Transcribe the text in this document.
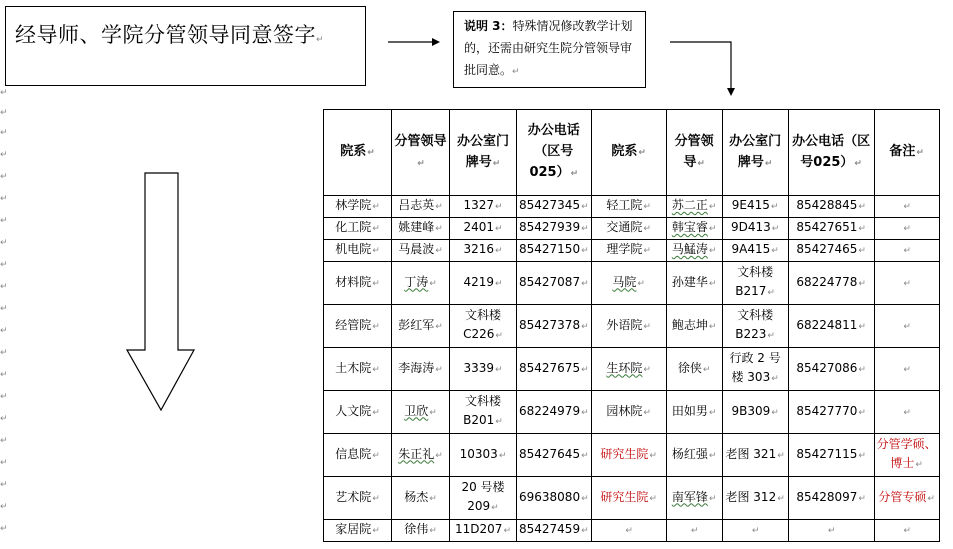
经导师、学院分管领导同意签字↵
说明 3：特殊情况修改教学计划的，还需由研究生院分管领导审批同意。↵
↵
↵
↵
↵
↵
↵
↵
↵
↵
↵
↵
↵
↵
↵
↵
↵
↵
↵
↵
↵
↵
院系↵	分管领导↵	办公室门牌号↵	办公电话（区号025）↵	院系↵	分管领导↵	办公室门牌号↵	办公电话（区号025）↵	备注↵
林学院↵	吕志英↵	1327↵	85427345↵	轻工院↵	苏二正↵	9E415↵	85428845↵	↵
化工院↵	姚建峰↵	2401↵	85427939↵	交通院↵	韩宝睿↵	9D413↵	85427651↵	↵
机电院↵	马晨波↵	3216↵	85427150↵	理学院↵	马鯭涛↵	9A415↵	85427465↵	↵
材料院↵	丁涛↵	4219↵	85427087↵	马院↵	孙建华↵	文科楼B217↵	68224778↵	↵
经管院↵	彭红军↵	文科楼C226↵	85427378↵	外语院↵	鲍志坤↵	文科楼B223↵	68224811↵	↵
土木院↵	李海涛↵	3339↵	85427675↵	生环院↵	徐侠↵	行政 2 号楼 303↵	85427086↵	↵
人文院↵	卫欣↵	文科楼B201↵	68224979↵	园林院↵	田如男↵	9B309↵	85427770↵	↵
信息院↵	朱正礼↵	10303↵	85427645↵	研究生院↵	杨红强↵	老图 321↵	85427115↵	分管学硕、博士↵
艺术院↵	杨杰↵	20 号楼209↵	69638080↵	研究生院↵	南军锋↵	老图 312↵	85428097↵	分管专硕↵
家居院↵	徐伟↵	11D207↵	85427459↵	↵	↵	↵	↵	↵
